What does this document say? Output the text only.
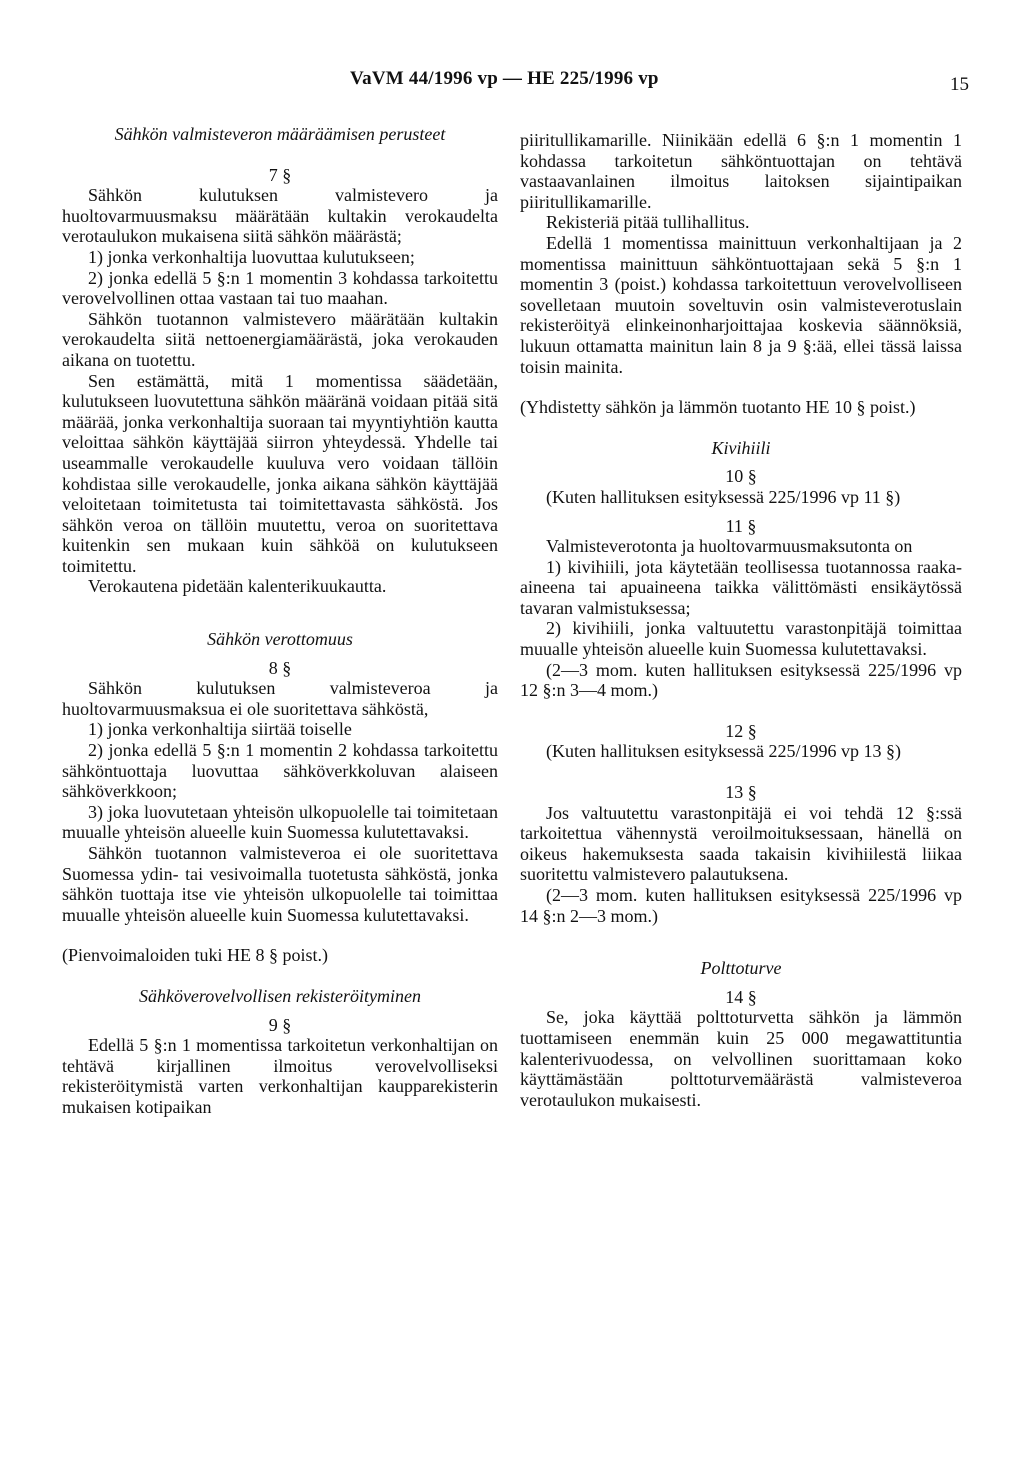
VaVM 44/1996 vp — HE 225/1996 vp	15

Sähkön valmisteveron määräämisen perusteet

7 §

Sähkön kulutuksen valmistevero ja huoltovarmuusmaksu määrätään kultakin verokaudelta verotaulukon mukaisena siitä sähkön määrästä;

1) jonka verkonhaltija luovuttaa kulutukseen;

2) jonka edellä 5 §:n 1 momentin 3 kohdassa tarkoitettu verovelvollinen ottaa vastaan tai tuo maahan.

Sähkön tuotannon valmistevero määrätään kultakin verokaudelta siitä nettoenergiamäärästä, joka verokauden aikana on tuotettu.

Sen estämättä, mitä 1 momentissa säädetään, kulutukseen luovutettuna sähkön määränä voidaan pitää sitä määrää, jonka verkonhaltija suoraan tai myyntiyhtiön kautta veloittaa sähkön käyttäjää siirron yhteydessä. Yhdelle tai useammalle verokaudelle kuuluva vero voidaan tällöin kohdistaa sille verokaudelle, jonka aikana sähkön käyttäjää veloitetaan toimitetusta tai toimitettavasta sähköstä. Jos sähkön veroa on tällöin muutettu, veroa on suoritettava kuitenkin sen mukaan kuin sähköä on kulutukseen toimitettu.

Verokautena pidetään kalenterikuukautta.

Sähkön verottomuus

8 §

Sähkön kulutuksen valmisteveroa ja huoltovarmuusmaksua ei ole suoritettava sähköstä,

1) jonka verkonhaltija siirtää toiselle

2) jonka edellä 5 §:n 1 momentin 2 kohdassa tarkoitettu sähköntuottaja luovuttaa sähköverkkoluvan alaiseen sähköverkkoon;

3) joka luovutetaan yhteisön ulkopuolelle tai toimitetaan muualle yhteisön alueelle kuin Suomessa kulutettavaksi.

Sähkön tuotannon valmisteveroa ei ole suoritettava Suomessa ydin- tai vesivoimalla tuotetusta sähköstä, jonka sähkön tuottaja itse vie yhteisön ulkopuolelle tai toimittaa muualle yhteisön alueelle kuin Suomessa kulutettavaksi.

(Pienvoimaloiden tuki HE 8 § poist.)

Sähköverovelvollisen rekisteröityminen

9 §

Edellä 5 §:n 1 momentissa tarkoitetun verkonhaltijan on tehtävä kirjallinen ilmoitus verovelvolliseksi rekisteröitymistä varten verkonhaltijan kaupparekisterin mukaisen kotipaikan

piiritullikamarille. Niinikään edellä 6 §:n 1 momentin 1 kohdassa tarkoitetun sähköntuottajan on tehtävä vastaavanlainen ilmoitus laitoksen sijaintipaikan piiritullikamarille.

Rekisteriä pitää tullihallitus.

Edellä 1 momentissa mainittuun verkonhaltijaan ja 2 momentissa mainittuun sähköntuottajaan sekä 5 §:n 1 momentin 3 (poist.) kohdassa tarkoitettuun verovelvolliseen sovelletaan muutoin soveltuvin osin valmisteverotuslain rekisteröityä elinkeinonharjoittajaa koskevia säännöksiä, lukuun ottamatta mainitun lain 8 ja 9 §:ää, ellei tässä laissa toisin mainita.

(Yhdistetty sähkön ja lämmön tuotanto HE 10 § poist.)

Kivihiili

10 §

(Kuten hallituksen esityksessä 225/1996 vp 11 §)

11 §

Valmisteverotonta ja huoltovarmuusmaksutonta on

1) kivihiili, jota käytetään teollisessa tuotannossa raaka-aineena tai apuaineena taikka välittömästi ensikäytössä tavaran valmistuksessa;

2) kivihiili, jonka valtuutettu varastonpitäjä toimittaa muualle yhteisön alueelle kuin Suomessa kulutettavaksi.

(2—3 mom. kuten hallituksen esityksessä 225/1996 vp 12 §:n 3—4 mom.)

12 §

(Kuten hallituksen esityksessä 225/1996 vp 13 §)

13 §

Jos valtuutettu varastonpitäjä ei voi tehdä 12 §:ssä tarkoitettua vähennystä veroilmoituksessaan, hänellä on oikeus hakemuksesta saada takaisin kivihiilestä liikaa suoritettu valmistevero palautuksena.

(2—3 mom. kuten hallituksen esityksessä 225/1996 vp 14 §:n 2—3 mom.)

Polttoturve

14 §

Se, joka käyttää polttoturvetta sähkön ja lämmön tuottamiseen enemmän kuin 25 000 megawattituntia kalenterivuodessa, on velvollinen suorittamaan koko käyttämästään polttoturvemäärästä valmisteveroa verotaulukon mukaisesti.
